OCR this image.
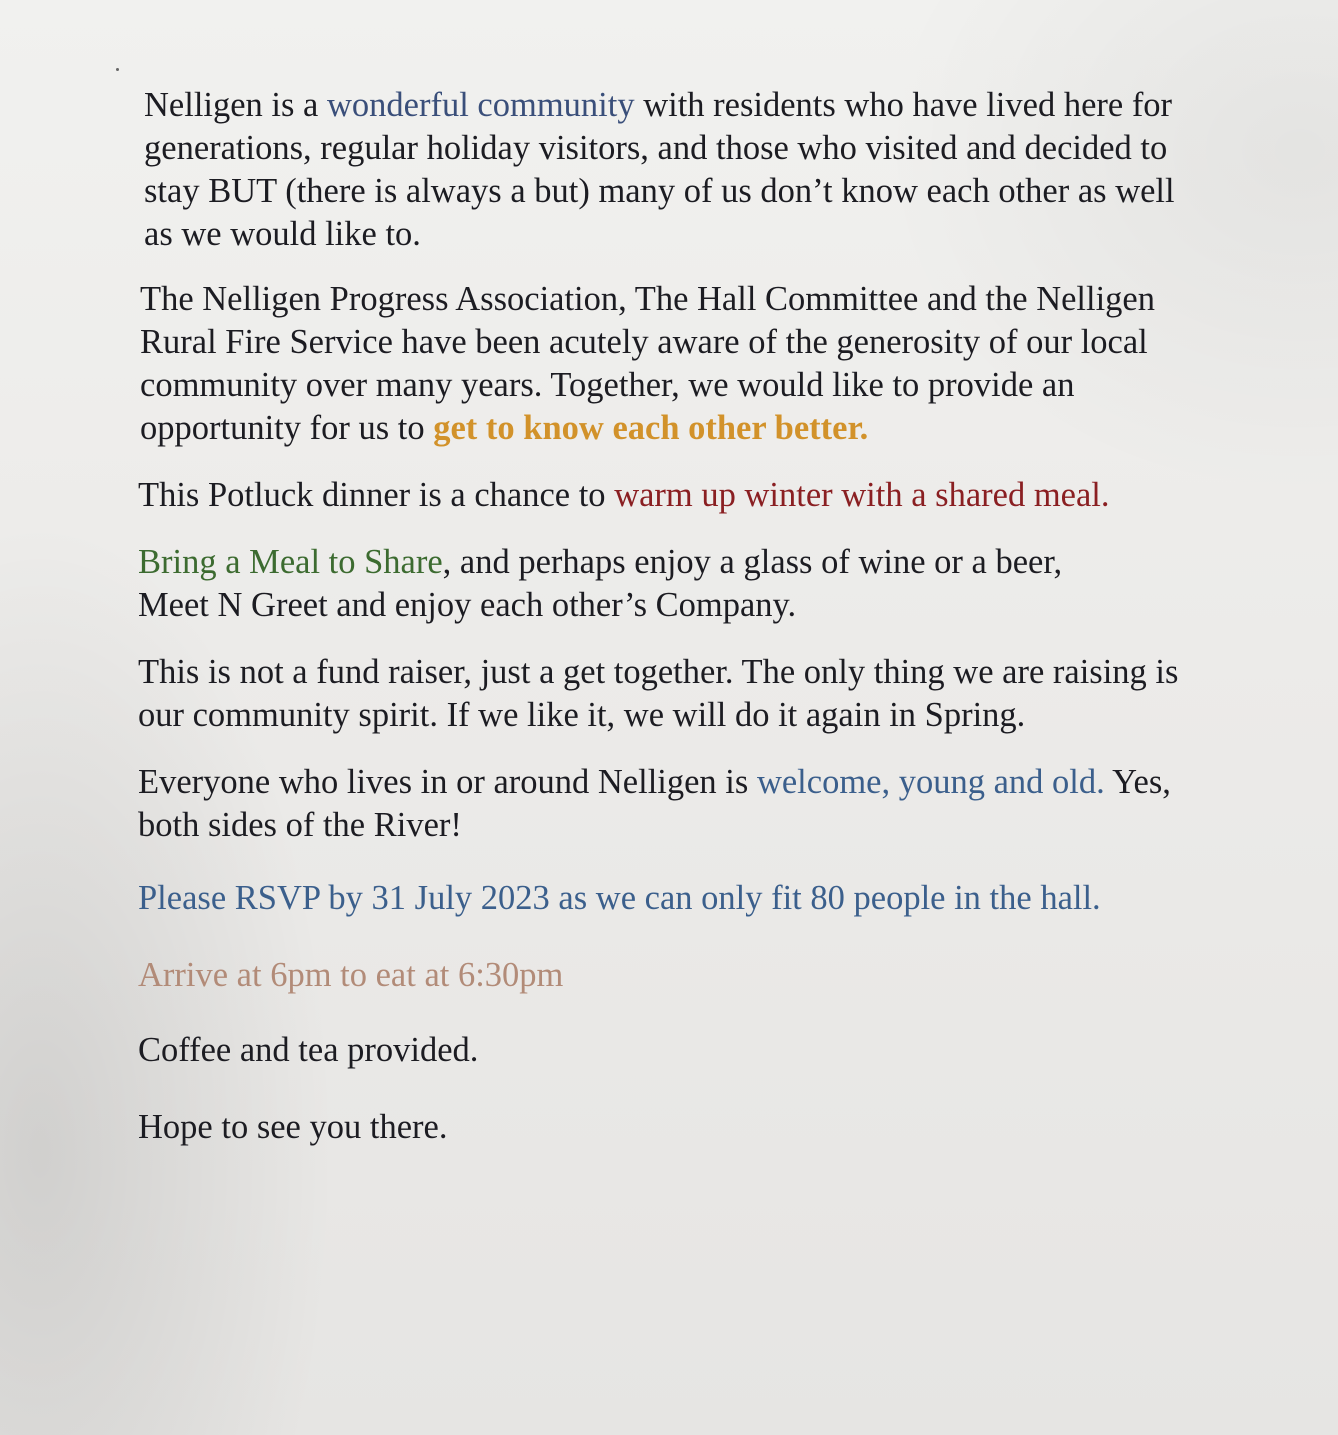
Nelligen is a wonderful community with residents who have lived here for generations, regular holiday visitors, and those who visited and decided to stay BUT (there is always a but) many of us don’t know each other as well as we would like to.

The Nelligen Progress Association, The Hall Committee and the Nelligen Rural Fire Service have been acutely aware of the generosity of our local community over many years. Together, we would like to provide an opportunity for us to get to know each other better.

This Potluck dinner is a chance to warm up winter with a shared meal.

Bring a Meal to Share, and perhaps enjoy a glass of wine or a beer, Meet N Greet and enjoy each other’s Company.

This is not a fund raiser, just a get together. The only thing we are raising is our community spirit. If we like it, we will do it again in Spring.

Everyone who lives in or around Nelligen is welcome, young and old. Yes, both sides of the River!

Please RSVP by 31 July 2023 as we can only fit 80 people in the hall.

Arrive at 6pm to eat at 6:30pm

Coffee and tea provided.

Hope to see you there.
